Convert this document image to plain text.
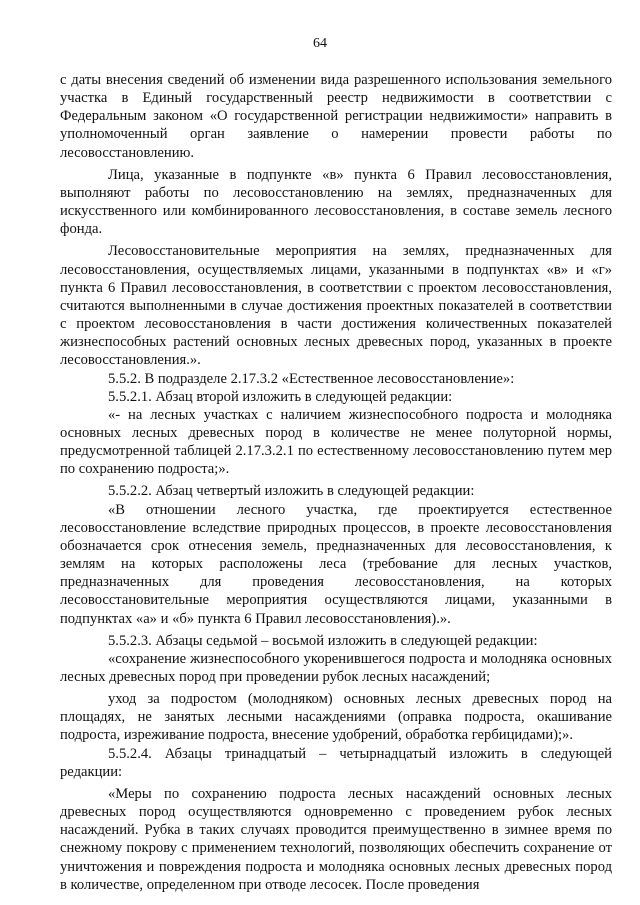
64

с даты внесения сведений об изменении вида разрешенного использования земельного участка в Единый государственный реестр недвижимости в соответствии с Федеральным законом «О государственной регистрации недвижимости» направить в уполномоченный орган заявление о намерении провести работы по лесовосстановлению.

Лица, указанные в подпункте «в» пункта 6 Правил лесовосстановления, выполняют работы по лесовосстановлению на землях, предназначенных для искусственного или комбинированного лесовосстановления, в составе земель лесного фонда.

Лесовосстановительные мероприятия на землях, предназначенных для лесовосстановления, осуществляемых лицами, указанными в подпунктах «в» и «г» пункта 6 Правил лесовосстановления, в соответствии с проектом лесовосстановления, считаются выполненными в случае достижения проектных показателей в соответствии с проектом лесовосстановления в части достижения количественных показателей жизнеспособных растений основных лесных древесных пород, указанных в проекте лесовосстановления.».

5.5.2. В подразделе 2.17.3.2 «Естественное лесовосстановление»:

5.5.2.1. Абзац второй изложить в следующей редакции:

«- на лесных участках с наличием жизнеспособного подроста и молодняка основных лесных древесных пород в количестве не менее полуторной нормы, предусмотренной таблицей 2.17.3.2.1 по естественному лесовосстановлению путем мер по сохранению подроста;».

5.5.2.2. Абзац четвертый изложить в следующей редакции:

«В отношении лесного участка, где проектируется естественное лесовосстановление вследствие природных процессов, в проекте лесовосстановления обозначается срок отнесения земель, предназначенных для лесовосстановления, к землям на которых расположены леса (требование для лесных участков, предназначенных для проведения лесовосстановления, на которых лесовосстановительные мероприятия осуществляются лицами, указанными в подпунктах «а» и «б» пункта 6 Правил лесовосстановления).».

5.5.2.3. Абзацы седьмой – восьмой изложить в следующей редакции:

«сохранение жизнеспособного укоренившегося подроста и молодняка основных лесных древесных пород при проведении рубок лесных насаждений;

уход за подростом (молодняком) основных лесных древесных пород на площадях, не занятых лесными насаждениями (оправка подроста, окашивание подроста, изреживание подроста, внесение удобрений, обработка гербицидами);».

5.5.2.4. Абзацы тринадцатый – четырнадцатый изложить в следующей редакции:

«Меры по сохранению подроста лесных насаждений основных лесных древесных пород осуществляются одновременно с проведением рубок лесных насаждений. Рубка в таких случаях проводится преимущественно в зимнее время по снежному покрову с применением технологий, позволяющих обеспечить сохранение от уничтожения и повреждения подроста и молодняка основных лесных древесных пород в количестве, определенном при отводе лесосек. После проведения
